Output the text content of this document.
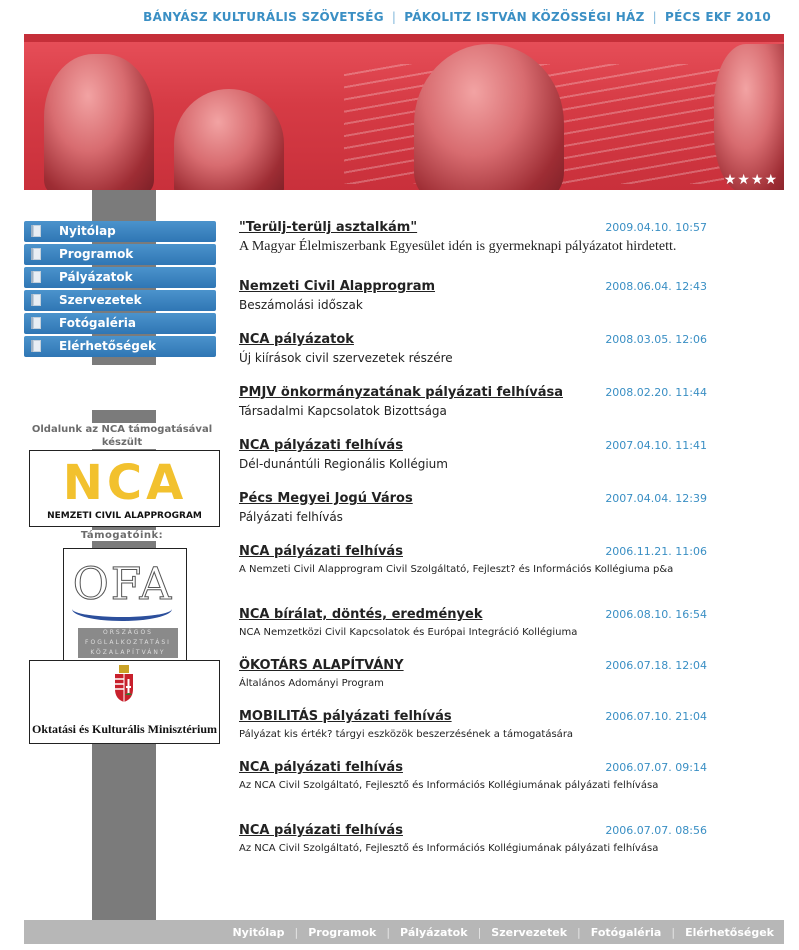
BÁNYÁSZ KULTURÁLIS SZÖVETSÉG | PÁKOLITZ ISTVÁN KÖZÖSSÉGI HÁZ | PÉCS EKF 2010
★★★★
Nyitólap
Programok
Pályázatok
Szervezetek
Fotógaléria
Elérhetőségek
Oldalunk az NCA támogatásával készült
NCA
NEMZETI CIVIL ALAPPROGRAM
Támogatóink:
OFA
ORSZÁGOS FOGLALKOZTATÁSI KÖZALAPÍTVÁNY
Oktatási és Kulturális Minisztérium
"Terülj-terülj asztalkám"	2009.04.10. 10:57
A Magyar Élelmiszerbank Egyesület idén is gyermeknapi pályázatot hirdetett.
Nemzeti Civil Alapprogram	2008.06.04. 12:43
Beszámolási időszak
NCA pályázatok	2008.03.05. 12:06
Új kiírások civil szervezetek részére
PMJV önkormányzatának pályázati felhívása	2008.02.20. 11:44
Társadalmi Kapcsolatok Bizottsága
NCA pályázati felhívás	2007.04.10. 11:41
Dél-dunántúli Regionális Kollégium
Pécs Megyei Jogú Város	2007.04.04. 12:39
Pályázati felhívás
NCA pályázati felhívás	2006.11.21. 11:06
A Nemzeti Civil Alapprogram Civil Szolgáltató, Fejleszt? és Információs Kollégiuma p&a
NCA bírálat, döntés, eredmények	2006.08.10. 16:54
NCA Nemzetközi Civil Kapcsolatok és Európai Integráció Kollégiuma
ÖKOTÁRS ALAPÍTVÁNY	2006.07.18. 12:04
Általános Adományi Program
MOBILITÁS pályázati felhívás	2006.07.10. 21:04
Pályázat kis érték? tárgyi eszközök beszerzésének a támogatására
NCA pályázati felhívás	2006.07.07. 09:14
Az NCA Civil Szolgáltató, Fejlesztő és Információs Kollégiumának pályázati felhívása
NCA pályázati felhívás	2006.07.07. 08:56
Az NCA Civil Szolgáltató, Fejlesztő és Információs Kollégiumának pályázati felhívása
Nyitólap | Programok | Pályázatok | Szervezetek | Fotógaléria | Elérhetőségek
